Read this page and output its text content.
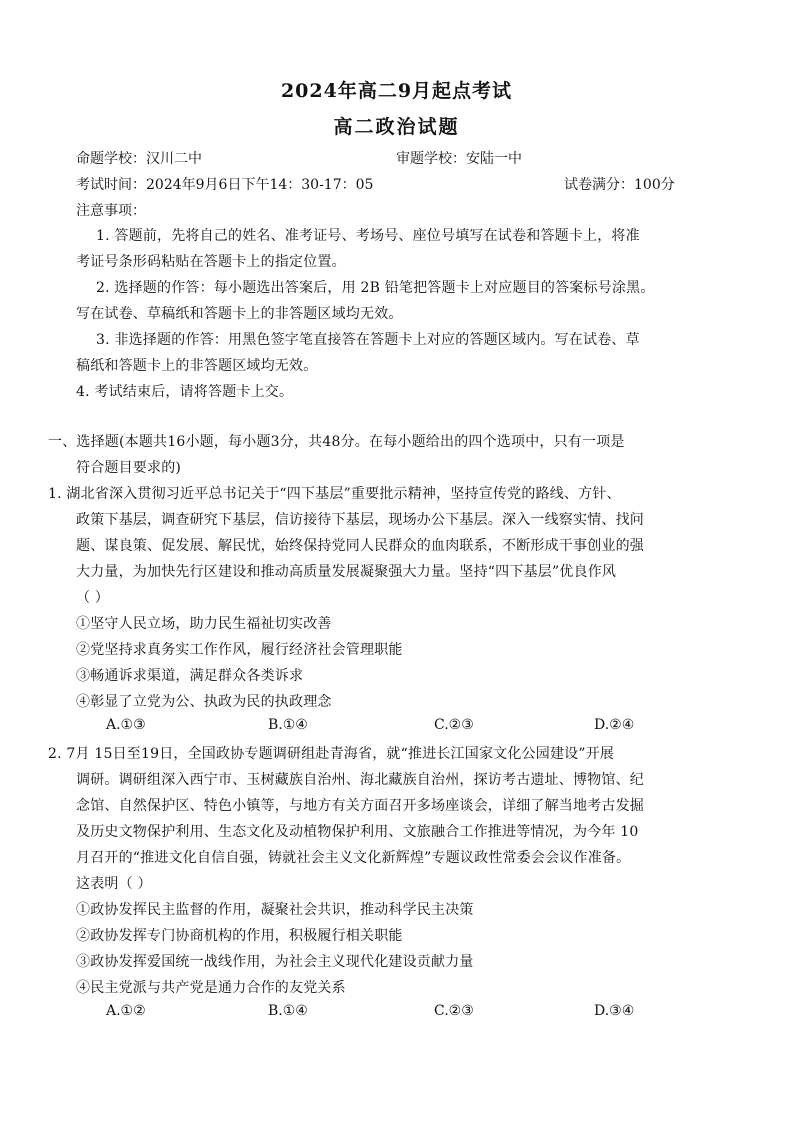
2024年高二9月起点考试
高二政治试题
命题学校：汉川二中	审题学校：安陆一中
考试时间：2024年9月6日下午14：30-17：05	试卷满分：100分
注意事项：
1. 答题前，先将自己的姓名、准考证号、考场号、座位号填写在试卷和答题卡上，将准
考证号条形码粘贴在答题卡上的指定位置。
2. 选择题的作答：每小题选出答案后，用 2B 铅笔把答题卡上对应题目的答案标号涂黑。
写在试卷、草稿纸和答题卡上的非答题区域均无效。
3. 非选择题的作答：用黑色签字笔直接答在答题卡上对应的答题区域内。写在试卷、草
稿纸和答题卡上的非答题区域均无效。
4. 考试结束后，请将答题卡上交。
一、选择题(本题共16小题，每小题3分，共48分。在每小题给出的四个选项中，只有一项是
符合题目要求的)
1. 湖北省深入贯彻习近平总书记关于“四下基层”重要批示精神，坚持宣传党的路线、方针、
政策下基层，调查研究下基层，信访接待下基层，现场办公下基层。深入一线察实情、找问
题、谋良策、促发展、解民忧，始终保持党同人民群众的血肉联系，不断形成干事创业的强
大力量，为加快先行区建设和推动高质量发展凝聚强大力量。坚持“四下基层”优良作风
（ ）
①坚守人民立场，助力民生福祉切实改善
②党坚持求真务实工作作风，履行经济社会管理职能
③畅通诉求渠道，满足群众各类诉求
④彰显了立党为公、执政为民的执政理念
A.①③	B.①④	C.②③	D.②④
2. 7月 15日至19日，全国政协专题调研组赴青海省，就“推进长江国家文化公园建设”开展
调研。调研组深入西宁市、玉树藏族自治州、海北藏族自治州，探访考古遗址、博物馆、纪
念馆、自然保护区、特色小镇等，与地方有关方面召开多场座谈会，详细了解当地考古发掘
及历史文物保护利用、生态文化及动植物保护利用、文旅融合工作推进等情况，为今年 10
月召开的“推进文化自信自强，铸就社会主义文化新辉煌”专题议政性常委会会议作准备。
这表明（ ）
①政协发挥民主监督的作用，凝聚社会共识，推动科学民主决策
②政协发挥专门协商机构的作用，积极履行相关职能
③政协发挥爱国统一战线作用，为社会主义现代化建设贡献力量
④民主党派与共产党是通力合作的友党关系
A.①②	B.①④	C.②③	D.③④
